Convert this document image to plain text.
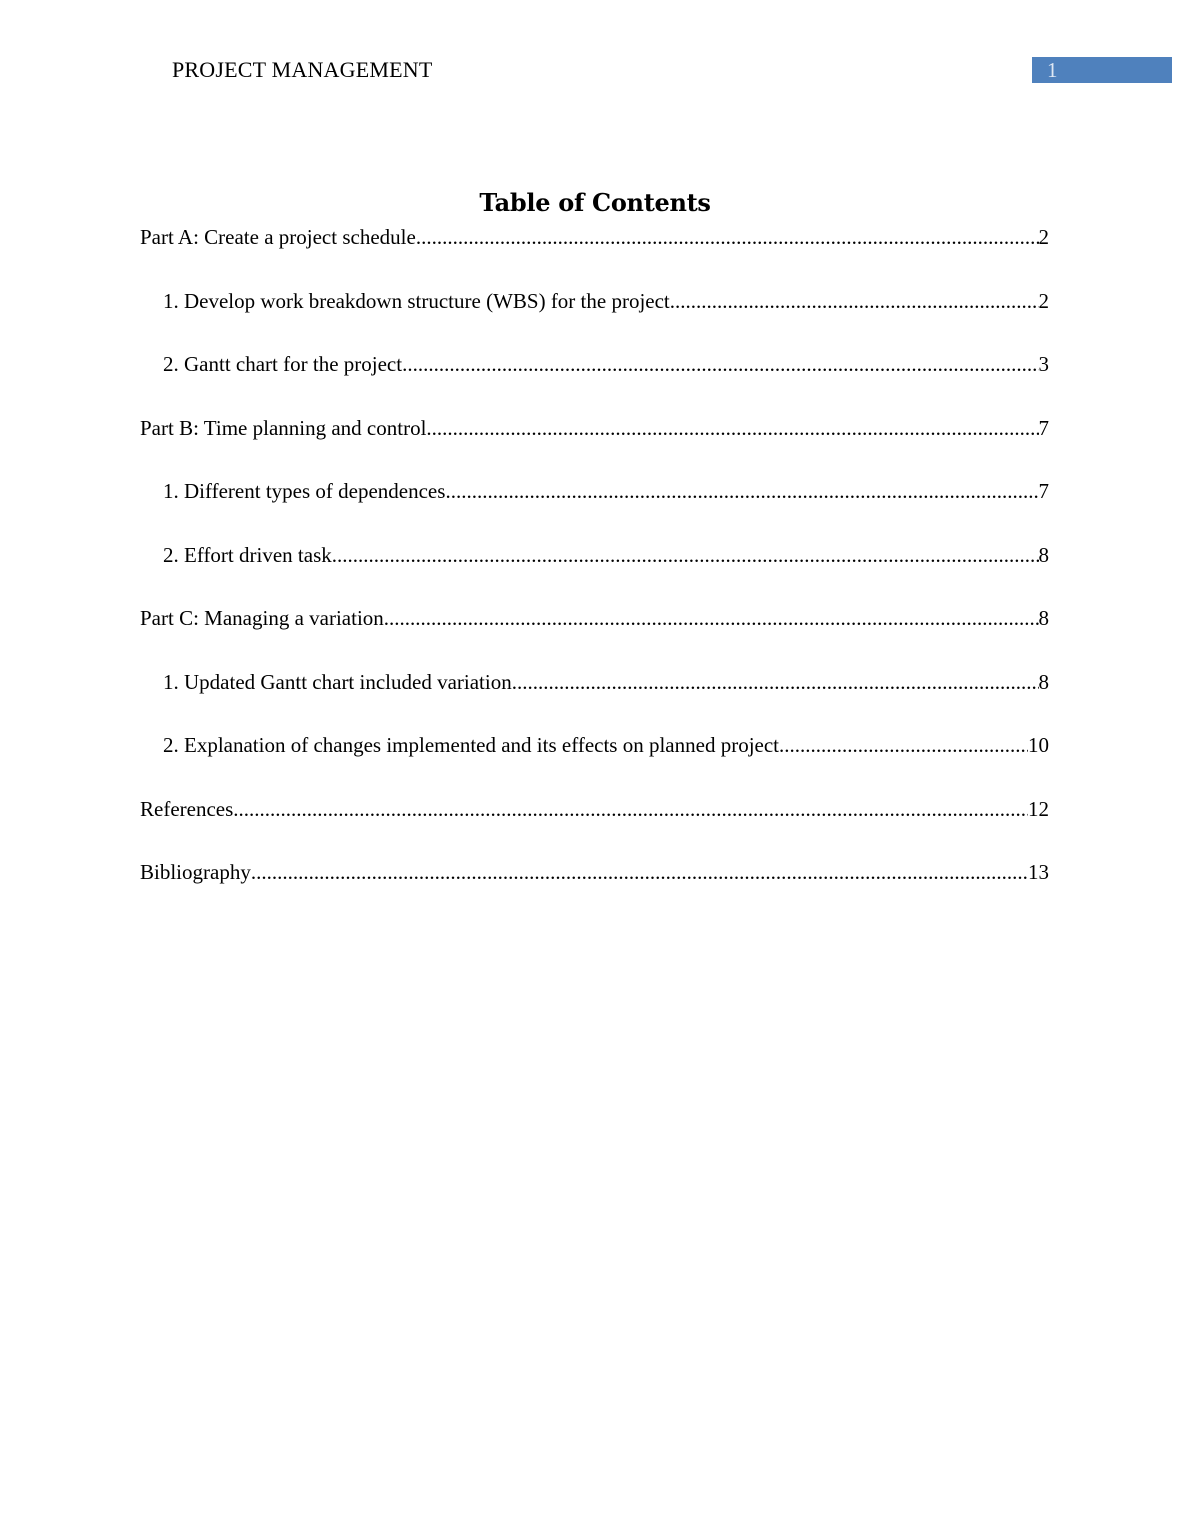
PROJECT MANAGEMENT	1
Table of Contents
Part A: Create a project schedule .....	2
1. Develop work breakdown structure (WBS) for the project .....	2
2. Gantt chart for the project .....	3
Part B: Time planning and control .....	7
1. Different types of dependences .....	7
2. Effort driven task .....	8
Part C: Managing a variation .....	8
1. Updated Gantt chart included variation .....	8
2. Explanation of changes implemented and its effects on planned project .....	10
References .....	12
Bibliography .....	13
